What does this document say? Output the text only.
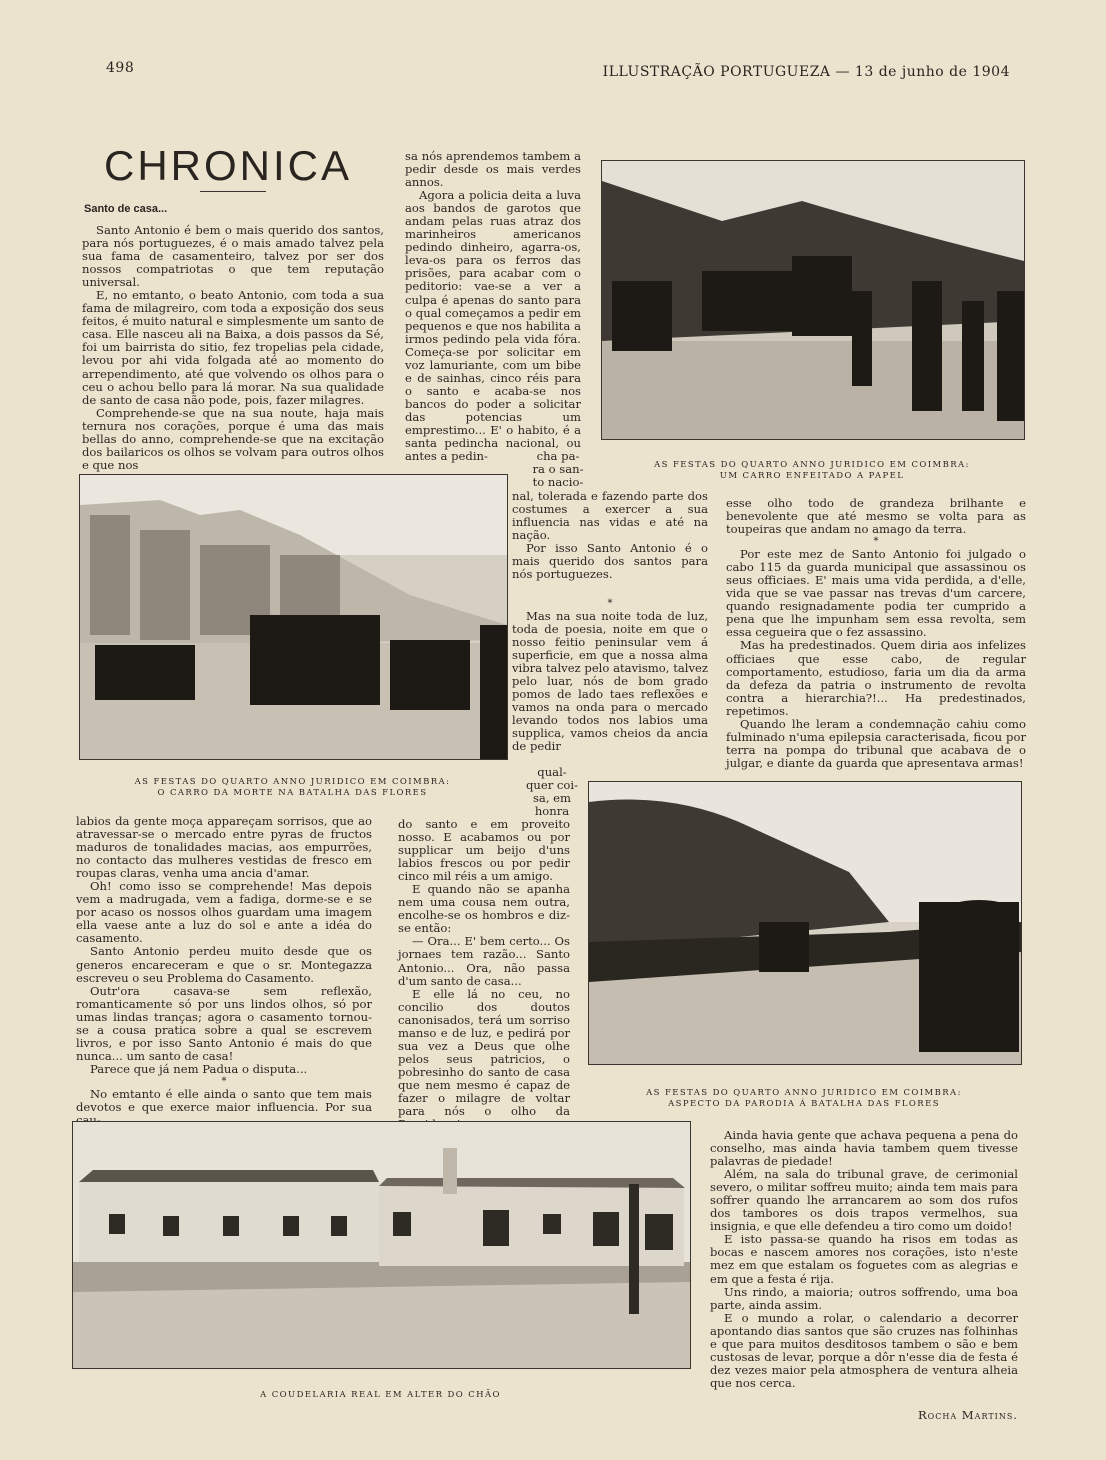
498	ILLUSTRAÇÃO PORTUGUEZA — 13 de junho de 1904
CHRONICA
Santo de casa...

Santo Antonio é bem o mais querido dos santos, para nós portuguezes, é o mais amado talvez pela sua fama de casamenteiro, talvez por ser dos nossos compatriotas o que tem reputação universal.

E, no emtanto, o beato Antonio, com toda a sua fama de milagreiro, com toda a exposição dos seus feitos, é muito natural e simplesmente um santo de casa. Elle nasceu ali na Baixa, a dois passos da Sé, foi um bairrista do sitio, fez tropelias pela cidade, levou por ahi vida folgada até ao momento do arrependimento, até que volvendo os olhos para o ceu o achou bello para lá morar. Na sua qualidade de santo de casa não pode, pois, fazer milagres.

Comprehende-se que na sua noute, haja mais ternura nos corações, porque é uma das mais bellas do anno, comprehende-se que na excitação dos bailaricos os olhos se volvam para outros olhos e que nos

sa nós aprendemos tambem a pedir desde os mais verdes annos.

Agora a policia deita a luva aos bandos de garotos que andam pelas ruas atraz dos marinheiros americanos pedindo dinheiro, agarra-os, leva-os para os ferros das prisões, para acabar com o peditorio: vae-se a ver a culpa é apenas do santo para o qual começamos a pedir em pequenos e que nos habilita a irmos pedindo pela vida fóra. Começa-se por solicitar em voz lamuriante, com um bibe e de sainhas, cinco réis para o santo e acaba-se nos bancos do poder a solicitar das potencias um emprestimo... E' o habito, é a santa pedincha nacional, ou antes a pedin-	cha pa-

ra o san-

to nacio-

AS FESTAS DO QUARTO ANNO JURIDICO EM COIMBRA:
UM CARRO ENFEITADO A PAPEL
AS FESTAS DO QUARTO ANNO JURIDICO EM COIMBRA:
O CARRO DA MORTE NA BATALHA DAS FLORES

nal, tolerada e fazendo parte dos costumes a exercer a sua influencia nas vidas e até na nação.

Por isso Santo Antonio é o mais querido dos santos para nós portuguezes.

*

Mas na sua noite toda de luz, toda de poesia, noite em que o nosso feitio peninsular vem á superficie, em que a nossa alma vibra talvez pelo atavismo, talvez pelo luar, nós de bom grado pomos de lado taes reflexões e vamos na onda para o mercado levando todos nos labios uma supplica, vamos cheios da ancia de pedir

qual-

quer coi-

sa, em

honra

esse olho todo de grandeza brilhante e benevolente que até mesmo se volta para as toupeiras que andam no amago da terra.

*

Por este mez de Santo Antonio foi julgado o cabo 115 da guarda municipal que assassinou os seus officiaes. E' mais uma vida perdida, a d'elle, vida que se vae passar nas trevas d'um carcere, quando resignadamente podia ter cumprido a pena que lhe impunham sem essa revolta, sem essa cegueira que o fez assassino.

Mas ha predestinados. Quem diria aos infelizes officiaes que esse cabo, de regular comportamento, estudioso, faria um dia da arma da defeza da patria o instrumento de revolta contra a hierarchia?!... Ha predestinados, repetimos.

Quando lhe leram a condemnação cahiu como fulminado n'uma epilepsia caracterisada, ficou por terra na pompa do tribunal que acabava de o julgar, e diante da guarda que apresentava armas!

labios da gente moça appareçam sorrisos, que ao atravessar-se o mercado entre pyras de fructos maduros de tonalidades macias, aos empurrões, no contacto das mulheres vestidas de fresco em roupas claras, venha uma ancia d'amar.

Oh! como isso se comprehende! Mas depois vem a madrugada, vem a fadiga, dorme-se e se por acaso os nossos olhos guardam uma imagem ella vaese ante a luz do sol e ante a idéa do casamento.

Santo Antonio perdeu muito desde que os generos encareceram e que o sr. Montegazza escreveu o seu Problema do Casamento.

Outr'ora casava-se sem reflexão, romanticamente só por uns lindos olhos, só por umas lindas tranças; agora o casamento tornou-se a cousa pratica sobre a qual se escrevem livros, e por isso Santo Antonio é mais do que nunca... um santo de casa!

Parece que já nem Padua o disputa...

*

No emtanto é elle ainda o santo que tem mais devotos e que exerce maior influencia. Por sua

do santo e em proveito nosso. E acabamos ou por supplicar um beijo d'uns labios frescos ou por pedir cinco mil réis a um amigo.

E quando não se apanha nem uma cousa nem outra, encolhe-se os hombros e diz-se então:

— Ora... E' bem certo... Os jornaes tem razão... Santo Antonio... Ora, não passa d'um santo de casa...

E elle lá no ceu, no concilio dos doutos canonisados, terá um sorriso manso e de luz, e pedirá por sua vez a Deus que olhe pelos seus patricios, o pobresinho do santo de casa que nem mesmo é capaz de fazer o milagre de voltar para nós o olho da

AS FESTAS DO QUARTO ANNO JURIDICO EM COIMBRA:
ASPECTO DA PARODIA Á BATALHA DAS FLORES
A COUDELARIA REAL EM ALTER DO CHÃO

Ainda havia gente que achava pequena a pena do conselho, mas ainda havia tambem quem tivesse palavras de piedade!

Além, na sala do tribunal grave, de cerimonial severo, o militar soffreu muito; ainda tem mais para soffrer quando lhe arrancarem ao som dos rufos dos tambores os dois trapos vermelhos, sua insignia, e que elle defendeu a tiro como um doido!

E isto passa-se quando ha risos em todas as bocas e nascem amores nos corações, isto n'este mez em que estalam os foguetes com as alegrias e em que a festa é rija.

Uns rindo, a maioria; outros soffrendo, uma boa parte, ainda assim.

E o mundo a rolar, o calendario a decorrer apontando dias santos que são cruzes nas folhinhas e que para muitos desditosos tambem o são e bem custosas de levar, porque a dôr n'esse dia de festa é dez vezes maior pela atmosphera de ventura alheia que nos cerca.

Rocha Martins.
